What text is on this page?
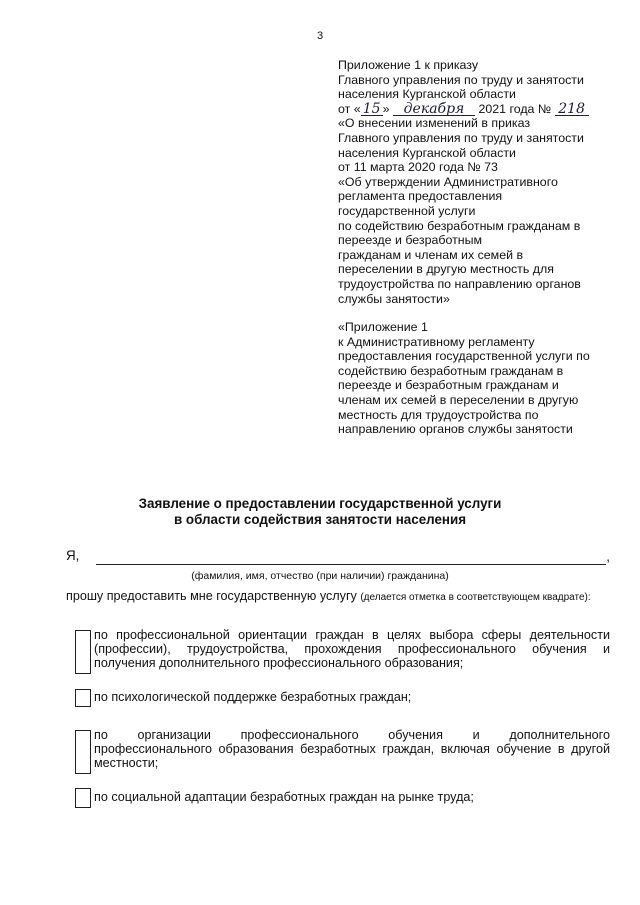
3
Приложение 1 к приказу
Главного управления по труду и занятости
населения Курганской области
от « 15 » декабря 2021 года № 218
«О внесении изменений в приказ
Главного управления по труду и занятости
населения Курганской области
от 11 марта 2020 года № 73
«Об утверждении Административного
регламента предоставления
государственной услуги
по содействию безработным гражданам в
переезде и безработным
гражданам и членам их семей в
переселении в другую местность для
трудоустройства по направлению органов
службы занятости»
«Приложение 1
к Административному регламенту
предоставления государственной услуги по
содействию безработным гражданам в
переезде и безработным гражданам и
членам их семей в переселении в другую
местность для трудоустройства по
направлению органов службы занятости
Заявление о предоставлении государственной услуги
в области содействия занятости населения
Я,	,
(фамилия, имя, отчество (при наличии) гражданина)
прошу предоставить мне государственную услугу (делается отметка в соответствующем квадрате):
по профессиональной ориентации граждан в целях выбора сферы деятельности
(профессии), трудоустройства, прохождения профессионального обучения и
получения дополнительного профессионального образования;
по психологической поддержке безработных граждан;
по организации профессионального обучения и дополнительного
профессионального образования безработных граждан, включая обучение в другой
местности;
по социальной адаптации безработных граждан на рынке труда;
